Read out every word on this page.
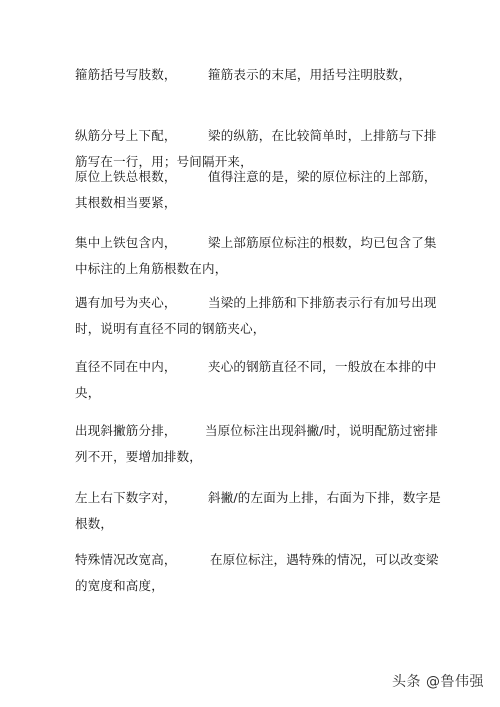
箍筋括号写肢数，	箍筋表示的末尾，用括号注明肢数，
纵筋分号上下配，	梁的纵筋，在比较简单时，上排筋与下排
筋写在一行，用；号间隔开来，
原位上铁总根数，	值得注意的是，梁的原位标注的上部筋，
其根数相当要紧，
集中上铁包含内，	梁上部筋原位标注的根数，均已包含了集
中标注的上角筋根数在内，
遇有加号为夹心，	当梁的上排筋和下排筋表示行有加号出现
时，说明有直径不同的钢筋夹心，
直径不同在中内，	夹心的钢筋直径不同，一般放在本排的中
央，
出现斜撇筋分排， 当原位标注出现斜撇/时，说明配筋过密排
列不开，要增加排数，
左上右下数字对，	斜撇/的左面为上排，右面为下排，数字是
根数，
特殊情况改宽高，	在原位标注，遇特殊的情况，可以改变梁
的宽度和高度，
头条 @鲁伟强
